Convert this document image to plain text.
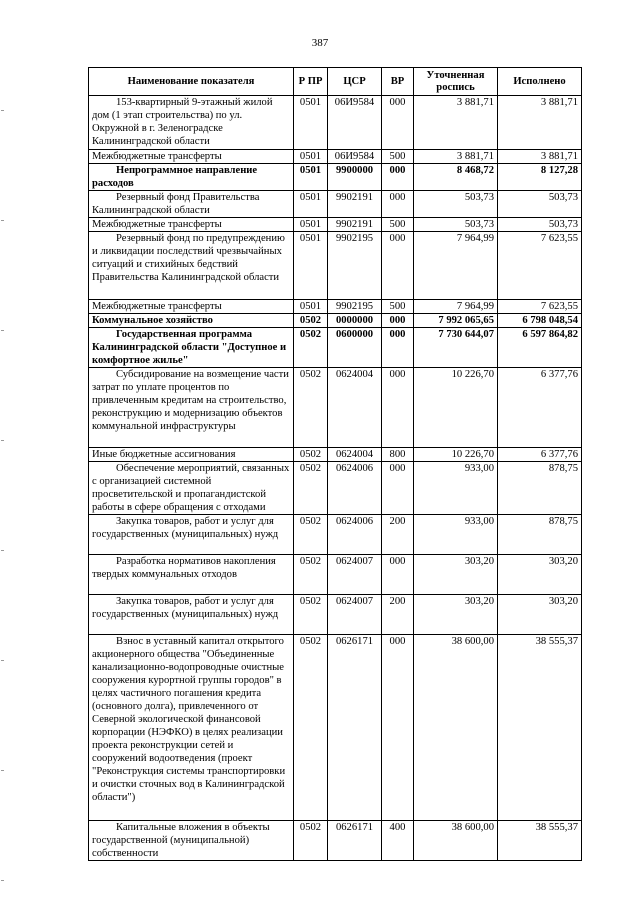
387
Наименование показателя	Р ПР	ЦСР	ВР	Уточненная роспись	Исполнено
153-квартирный 9-этажный жилой дом (1 этап строительства) по ул. Окружной в г. Зеленоградске Калининградской области	0501	06И9584	000	3 881,71	3 881,71
Межбюджетные трансферты	0501	06И9584	500	3 881,71	3 881,71
Непрограммное направление расходов	0501	9900000	000	8 468,72	8 127,28
Резервный фонд Правительства Калининградской области	0501	9902191	000	503,73	503,73
Межбюджетные трансферты	0501	9902191	500	503,73	503,73
Резервный фонд по предупреждению и ликвидации последствий чрезвычайных ситуаций и стихийных бедствий Правительства Калининградской области	0501	9902195	000	7 964,99	7 623,55
Межбюджетные трансферты	0501	9902195	500	7 964,99	7 623,55
Коммунальное хозяйство	0502	0000000	000	7 992 065,65	6 798 048,54
Государственная программа Калининградской области "Доступное и комфортное жилье"	0502	0600000	000	7 730 644,07	6 597 864,82
Субсидирование на возмещение части затрат по уплате процентов по привлеченным кредитам на строительство, реконструкцию и модернизацию объектов коммунальной инфраструктуры	0502	0624004	000	10 226,70	6 377,76
Иные бюджетные ассигнования	0502	0624004	800	10 226,70	6 377,76
Обеспечение мероприятий, связанных с организацией системной просветительской и пропагандистской работы в сфере обращения с отходами	0502	0624006	000	933,00	878,75
Закупка товаров, работ и услуг для государственных (муниципальных) нужд	0502	0624006	200	933,00	878,75
Разработка нормативов накопления твердых коммунальных отходов	0502	0624007	000	303,20	303,20
Закупка товаров, работ и услуг для государственных (муниципальных) нужд	0502	0624007	200	303,20	303,20
Взнос в уставный капитал открытого акционерного общества "Объединенные канализационно-водопроводные очистные сооружения курортной группы городов" в целях частичного погашения кредита (основного долга), привлеченного от Северной экологической финансовой корпорации (НЭФКО) в целях реализации проекта реконструкции сетей и сооружений водоотведения (проект "Реконструкция системы транспортировки и очистки сточных вод в Калининградской области")	0502	0626171	000	38 600,00	38 555,37
Капитальные вложения в объекты государственной (муниципальной) собственности	0502	0626171	400	38 600,00	38 555,37
